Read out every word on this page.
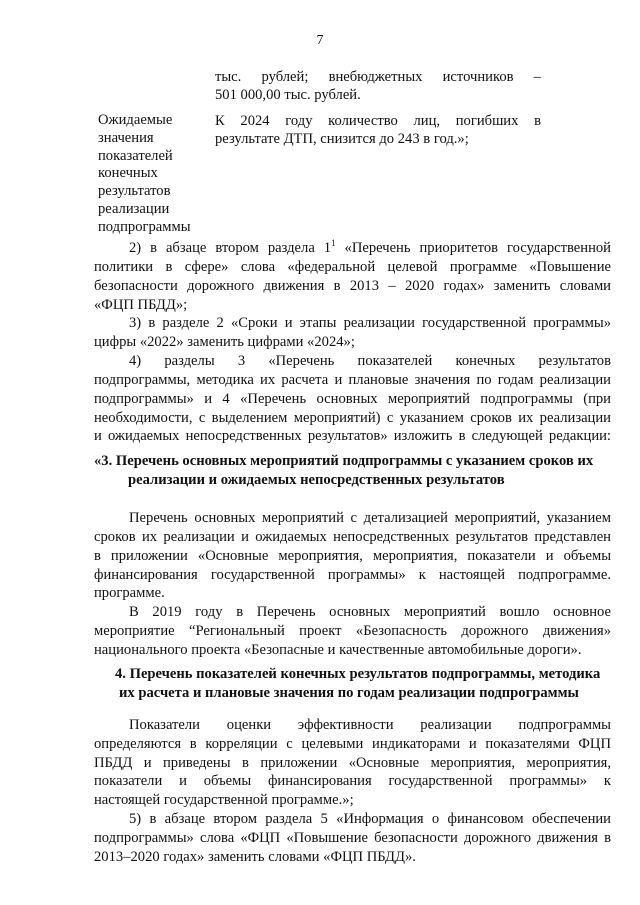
7
тыс. рублей; внебюджетных источников –
501 000,00 тыс. рублей.
Ожидаемые
значения
показателей
конечных
результатов
реализации
подпрограммы
К 2024 году количество лиц, погибших в
результате ДТП, снизится до 243 в год.»;
2) в абзаце втором раздела $1^1$ «Перечень приоритетов государственной
политики в сфере» слова «федеральной целевой программе «Повышение
безопасности дорожного движения в 2013 – 2020 годах» заменить словами
«ФЦП ПБДД»;
3) в разделе 2 «Сроки и этапы реализации государственной программы»
цифры «2022» заменить цифрами «2024»;
4) разделы 3 «Перечень показателей конечных результатов
подпрограммы, методика их расчета и плановые значения по годам реализации
подпрограммы» и 4 «Перечень основных мероприятий подпрограммы (при
необходимости, с выделением мероприятий) с указанием сроков их реализации
и ожидаемых непосредственных результатов» изложить в следующей редакции:
«3. Перечень основных мероприятий подпрограммы с указанием сроков их
реализации и ожидаемых непосредственных результатов
Перечень основных мероприятий с детализацией мероприятий, указанием
сроков их реализации и ожидаемых непосредственных результатов представлен
в приложении «Основные мероприятия, мероприятия, показатели и объемы
финансирования государственной программы» к настоящей подпрограмме.
программе.
В 2019 году в Перечень основных мероприятий вошло основное
мероприятие “Региональный проект «Безопасность дорожного движения»
национального проекта «Безопасные и качественные автомобильные дороги».
4. Перечень показателей конечных результатов подпрограммы, методика
их расчета и плановые значения по годам реализации подпрограммы
Показатели оценки эффективности реализации подпрограммы
определяются в корреляции с целевыми индикаторами и показателями ФЦП
ПБДД и приведены в приложении «Основные мероприятия, мероприятия,
показатели и объемы финансирования государственной программы» к
настоящей государственной программе.»;
5) в абзаце втором раздела 5 «Информация о финансовом обеспечении
подпрограммы» слова «ФЦП «Повышение безопасности дорожного движения в
2013–2020 годах» заменить словами «ФЦП ПБДД».
